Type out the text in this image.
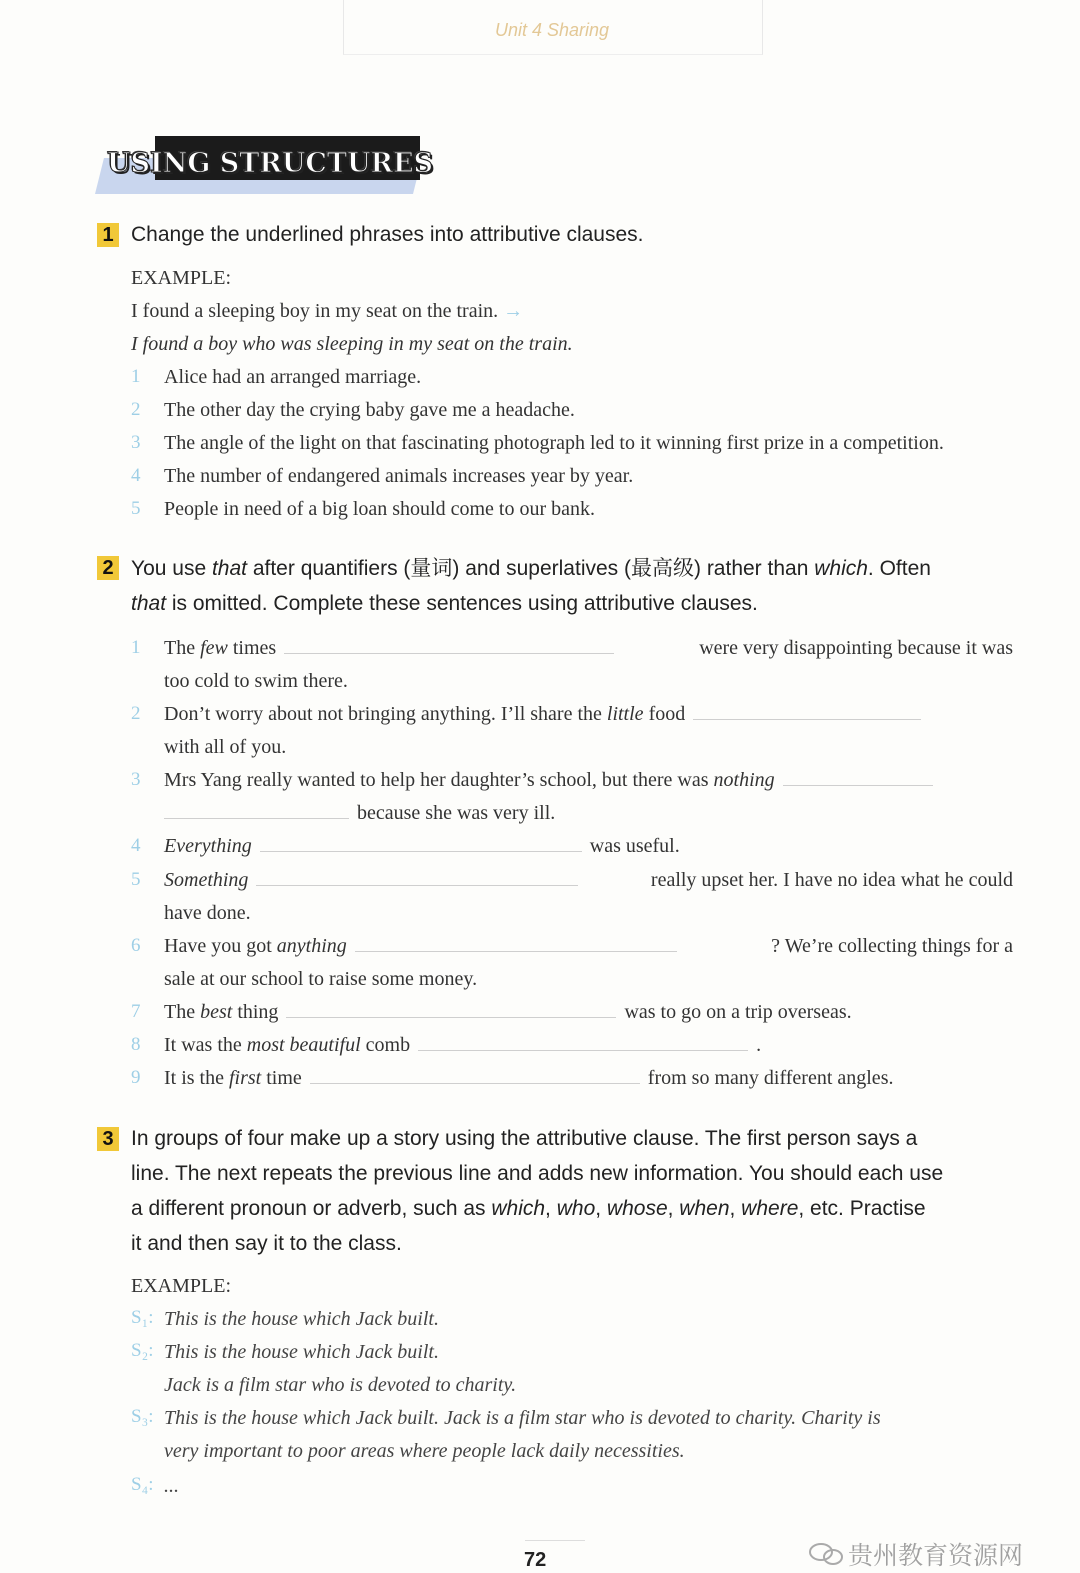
Unit 4 Sharing
USING STRUCTURES
1 Change the underlined phrases into attributive clauses.
EXAMPLE:
I found a sleeping boy in my seat on the train. →
I found a boy who was sleeping in my seat on the train.
1 Alice had an arranged marriage.
2 The other day the crying baby gave me a headache.
3 The angle of the light on that fascinating photograph led to it winning first prize in a competition.
4 The number of endangered animals increases year by year.
5 People in need of a big loan should come to our bank.
2 You use that after quantifiers (量词) and superlatives (最高级) rather than which. Often
that is omitted. Complete these sentences using attributive clauses.
1 The few times	were very disappointing because it was
too cold to swim there.
2 Don’t worry about not bringing anything. I’ll share the little food
with all of you.
3 Mrs Yang really wanted to help her daughter’s school, but there was nothing
because she was very ill.
4 Everything	was useful.
5 Something	really upset her. I have no idea what he could
have done.
6 Have you got anything	? We’re collecting things for a
sale at our school to raise some money.
7 The best thing	was to go on a trip overseas.
8 It was the most beautiful comb	.
9 It is the first time	from so many different angles.
3 In groups of four make up a story using the attributive clause. The first person says a
line. The next repeats the previous line and adds new information. You should each use
a different pronoun or adverb, such as which, who, whose, when, where, etc. Practise
it and then say it to the class.
EXAMPLE:
S₁: This is the house which Jack built.
S₂: This is the house which Jack built.
Jack is a film star who is devoted to charity.
S₃: This is the house which Jack built. Jack is a film star who is devoted to charity. Charity is
very important to poor areas where people lack daily necessities.
S₄: ...
72	贵州教育资源网
